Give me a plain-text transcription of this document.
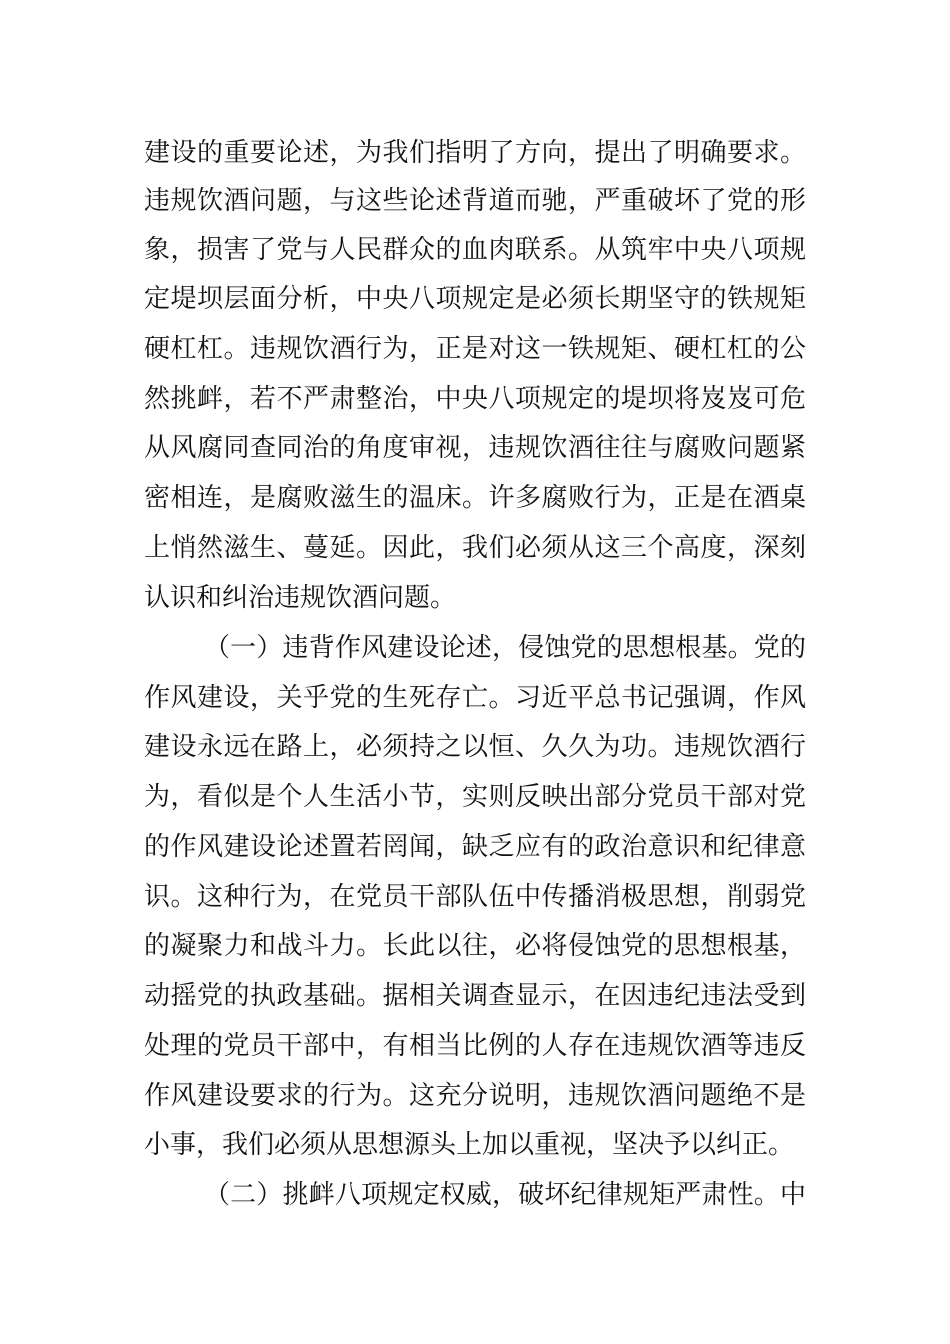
建设的重要论述，为我们指明了方向，提出了明确要求。
违规饮酒问题，与这些论述背道而驰，严重破坏了党的形
象，损害了党与人民群众的血肉联系。从筑牢中央八项规
定堤坝层面分析，中央八项规定是必须长期坚守的铁规矩
硬杠杠。违规饮酒行为，正是对这一铁规矩、硬杠杠的公
然挑衅，若不严肃整治，中央八项规定的堤坝将岌岌可危
从风腐同查同治的角度审视，违规饮酒往往与腐败问题紧
密相连，是腐败滋生的温床。许多腐败行为，正是在酒桌
上悄然滋生、蔓延。因此，我们必须从这三个高度，深刻
认识和纠治违规饮酒问题。
（一）违背作风建设论述，侵蚀党的思想根基。党的
作风建设，关乎党的生死存亡。习近平总书记强调，作风
建设永远在路上，必须持之以恒、久久为功。违规饮酒行
为，看似是个人生活小节，实则反映出部分党员干部对党
的作风建设论述置若罔闻，缺乏应有的政治意识和纪律意
识。这种行为，在党员干部队伍中传播消极思想，削弱党
的凝聚力和战斗力。长此以往，必将侵蚀党的思想根基，
动摇党的执政基础。据相关调查显示，在因违纪违法受到
处理的党员干部中，有相当比例的人存在违规饮酒等违反
作风建设要求的行为。这充分说明，违规饮酒问题绝不是
小事，我们必须从思想源头上加以重视，坚决予以纠正。
（二）挑衅八项规定权威，破坏纪律规矩严肃性。中
